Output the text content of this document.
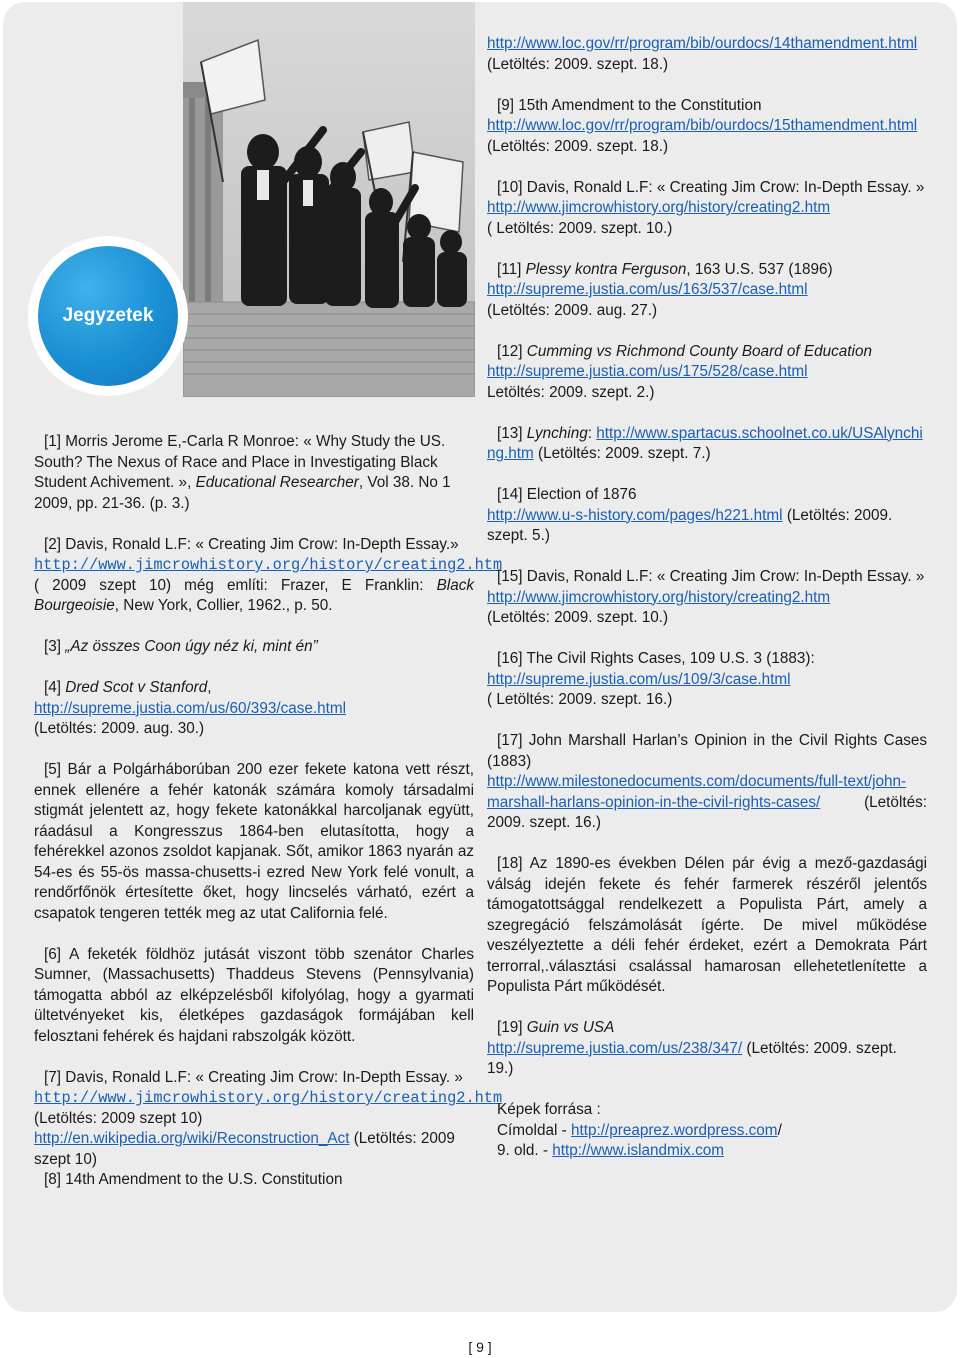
Jegyzetek

[1] Morris Jerome E,-Carla R Monroe: « Why Study the US. South? The Nexus of Race and Place in Investigating Black Student Achivement. », Educational Researcher, Vol 38. No 1 2009, pp. 21-36. (p. 3.)

[2] Davis, Ronald L.F: « Creating Jim Crow: In-Depth Essay.»
http://www.jimcrowhistory.org/history/creating2.htm
( 2009 szept 10) még említi: Frazer, E Franklin: Black Bourgeoisie, New York, Collier, 1962., p. 50.

[3] „Az összes Coon úgy néz ki, mint én”

[4] Dred Scot v Stanford,
http://supreme.justia.com/us/60/393/case.html
(Letöltés: 2009. aug. 30.)

[5] Bár a Polgárháborúban 200 ezer fekete katona vett részt, ennek ellenére a fehér katonák számára komoly társadalmi stigmát jelentett az, hogy fekete katonákkal harcoljanak együtt, ráadásul a Kongresszus 1864-ben elutasította, hogy a fehérekkel azonos zsoldot kapjanak. Sőt, amikor 1863 nyarán az 54-es és 55-ös massa-chusetts-i ezred New York felé vonult, a rendőrfőnök értesítette őket, hogy lincselés várható, ezért a csapatok tengeren tették meg az utat California felé.

[6] A feketék földhöz jutását viszont több szenátor Charles Sumner, (Massachusetts) Thaddeus Stevens (Pennsylvania) támogatta abból az elképzelésből kifolyólag, hogy a gyarmati ültetvényeket kis, életképes gazdaságok formájában kell felosztani fehérek és hajdani rabszolgák között.

[7] Davis, Ronald L.F: « Creating Jim Crow: In-Depth Essay. »
http://www.jimcrowhistory.org/history/creating2.htm
(Letöltés: 2009 szept 10)
http://en.wikipedia.org/wiki/Reconstruction_Act (Letöltés: 2009 szept 10)

[8] 14th Amendment to the U.S. Constitution

http://www.loc.gov/rr/program/bib/ourdocs/14thamendment.html (Letöltés: 2009. szept. 18.)

[9] 15th Amendment to the Constitution
http://www.loc.gov/rr/program/bib/ourdocs/15thamendment.html (Letöltés: 2009. szept. 18.)

[10] Davis, Ronald L.F: « Creating Jim Crow: In-Depth Essay. »
http://www.jimcrowhistory.org/history/creating2.htm
( Letöltés: 2009. szept. 10.)

[11] Plessy kontra Ferguson, 163 U.S. 537 (1896)
http://supreme.justia.com/us/163/537/case.html
(Letöltés: 2009. aug. 27.)

[12] Cumming vs Richmond County Board of Education
http://supreme.justia.com/us/175/528/case.html
Letöltés: 2009. szept. 2.)

[13] Lynching: http://www.spartacus.schoolnet.co.uk/USAlynching.htm (Letöltés: 2009. szept. 7.)

[14] Election of 1876
http://www.u-s-history.com/pages/h221.html (Letöltés: 2009. szept. 5.)

[15] Davis, Ronald L.F: « Creating Jim Crow: In-Depth Essay. »
http://www.jimcrowhistory.org/history/creating2.htm
(Letöltés: 2009. szept. 10.)

[16] The Civil Rights Cases, 109 U.S. 3 (1883):
http://supreme.justia.com/us/109/3/case.html
( Letöltés: 2009. szept. 16.)

[17] John Marshall Harlan’s Opinion in the Civil Rights Cases (1883)
http://www.milestonedocuments.com/documents/full-text/john-marshall-harlans-opinion-in-the-civil-rights-cases/ (Letöltés: 2009. szept. 16.)

[18] Az 1890-es években Délen pár évig a mező-gazdasági válság idején fekete és fehér farmerek részéről jelentős támogatottsággal rendelkezett a Populista Párt, amely a szegregáció felszámolását ígérte. De mivel működése veszélyeztette a déli fehér érdeket, ezért a Demokrata Párt terrorral,.választási csalással hamarosan ellehetetlenítette a Populista Párt működését.

[19] Guin vs USA
http://supreme.justia.com/us/238/347/ (Letöltés: 2009. szept. 19.)

Képek forrása :
Címoldal - http://preaprez.wordpress.com/
9. old. - http://www.islandmix.com

[ 9 ]
